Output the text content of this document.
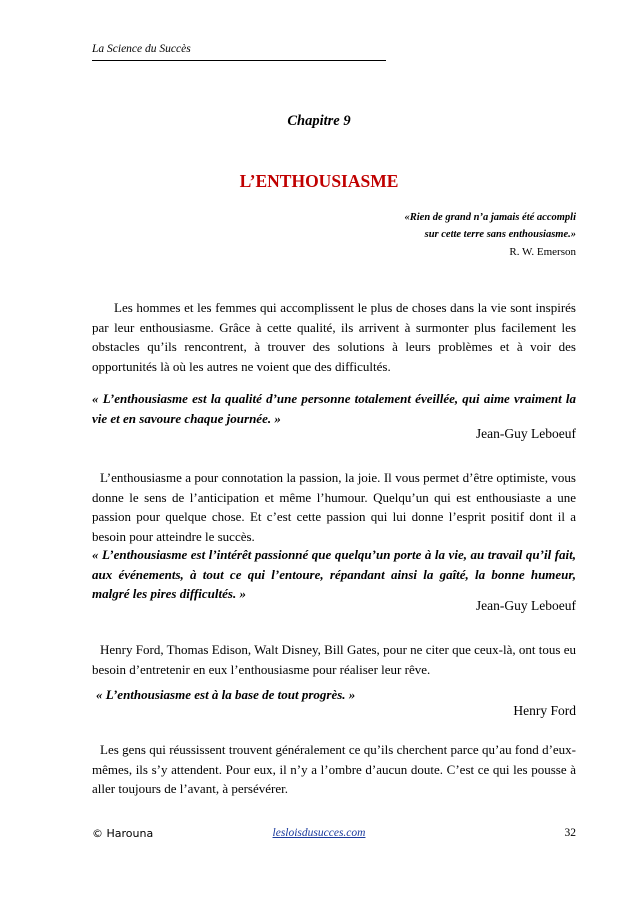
La Science du Succès
Chapitre 9
L’ENTHOUSIASME
«Rien de grand n’a jamais été accompli
sur cette terre sans enthousiasme.»
R. W. Emerson

Les hommes et les femmes qui accomplissent le plus de choses dans la vie sont inspirés par leur enthousiasme. Grâce à cette qualité, ils arrivent à surmonter plus facilement les obstacles qu’ils rencontrent, à trouver des solutions à leurs problèmes et à voir des opportunités là où les autres ne voient que des difficultés.

« L’enthousiasme est la qualité d’une personne totalement éveillée, qui aime vraiment la vie et en savoure chaque journée. »

Jean-Guy Leboeuf

L’enthousiasme a pour connotation la passion, la joie. Il vous permet d’être optimiste, vous donne le sens de l’anticipation et même l’humour. Quelqu’un qui est enthousiaste a une passion pour quelque chose. Et c’est cette passion qui lui donne l’esprit positif dont il a besoin pour atteindre le succès.

« L’enthousiasme est l’intérêt passionné que quelqu’un porte à la vie, au travail qu’il fait, aux événements, à tout ce qui l’entoure, répandant ainsi la gaîté, la bonne humeur, malgré les pires difficultés. »

Jean-Guy Leboeuf

Henry Ford, Thomas Edison, Walt Disney, Bill Gates, pour ne citer que ceux-là, ont tous eu besoin d’entretenir en eux l’enthousiasme pour réaliser leur rêve.

« L’enthousiasme est à la base de tout progrès. »

Henry Ford

Les gens qui réussissent trouvent généralement ce qu’ils cherchent parce qu’au fond d’eux-mêmes, ils s’y attendent. Pour eux, il n’y a l’ombre d’aucun doute. C’est ce qui les pousse à aller toujours de l’avant, à persévérer.

© Harouna	lesloisdusucces.com	32
